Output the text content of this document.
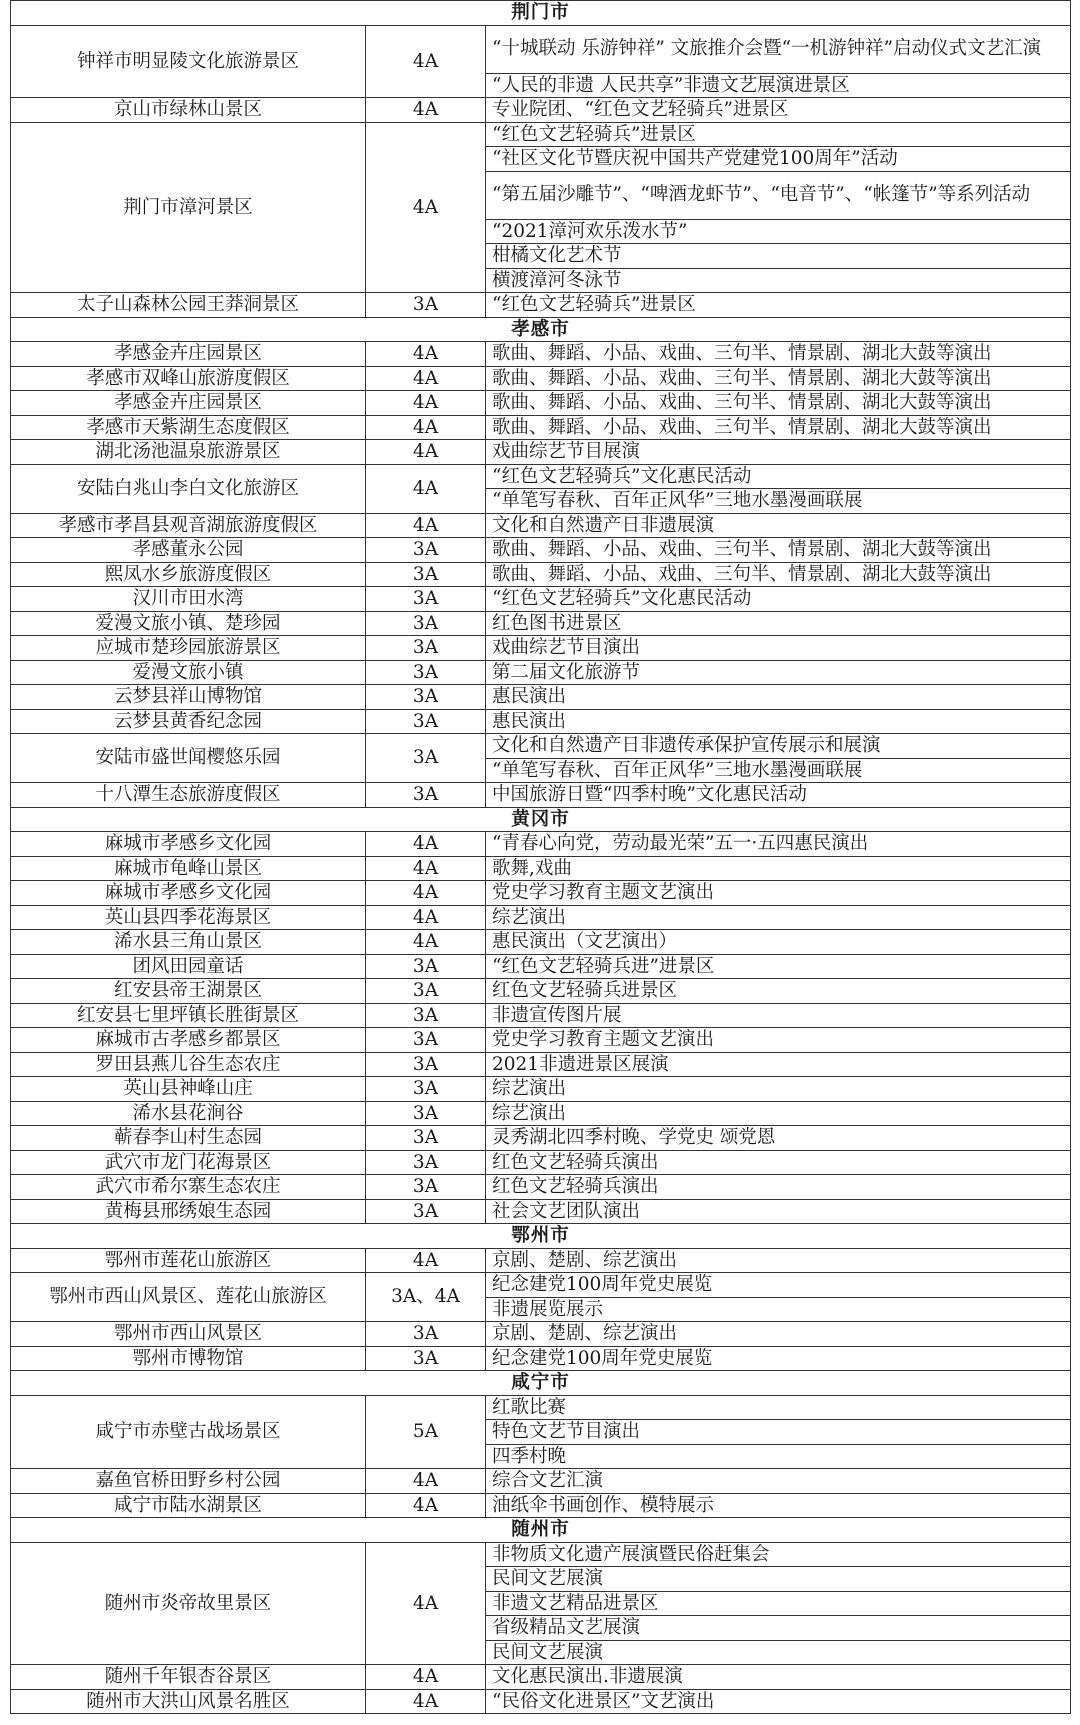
荆门市		
钟祥市明显陵文化旅游景区	4A	“十城联动 乐游钟祥” 文旅推介会暨“一机游钟祥”启动仪式文艺汇演
		“人民的非遗 人民共享”非遗文艺展演进景区
京山市绿林山景区	4A	专业院团、“红色文艺轻骑兵”进景区
荆门市漳河景区	4A	“红色文艺轻骑兵”进景区
		“社区文化节暨庆祝中国共产党建党100周年”活动
		“第五届沙雕节”、“啤酒龙虾节”、“电音节”、“帐篷节”等系列活动
		“2021漳河欢乐泼水节”
		柑橘文化艺术节
		横渡漳河冬泳节
太子山森林公园王莽洞景区	3A	“红色文艺轻骑兵”进景区
孝感市		
孝感金卉庄园景区	4A	歌曲、舞蹈、小品、戏曲、三句半、情景剧、湖北大鼓等演出
孝感市双峰山旅游度假区	4A	歌曲、舞蹈、小品、戏曲、三句半、情景剧、湖北大鼓等演出
孝感金卉庄园景区	4A	歌曲、舞蹈、小品、戏曲、三句半、情景剧、湖北大鼓等演出
孝感市天紫湖生态度假区	4A	歌曲、舞蹈、小品、戏曲、三句半、情景剧、湖北大鼓等演出
湖北汤池温泉旅游景区	4A	戏曲综艺节目展演
安陆白兆山李白文化旅游区	4A	“红色文艺轻骑兵”文化惠民活动
		“单笔写春秋、百年正风华”三地水墨漫画联展
孝感市孝昌县观音湖旅游度假区	4A	文化和自然遗产日非遗展演
孝感董永公园	3A	歌曲、舞蹈、小品、戏曲、三句半、情景剧、湖北大鼓等演出
熙凤水乡旅游度假区	3A	歌曲、舞蹈、小品、戏曲、三句半、情景剧、湖北大鼓等演出
汉川市田水湾	3A	“红色文艺轻骑兵”文化惠民活动
爱漫文旅小镇、楚珍园	3A	红色图书进景区
应城市楚珍园旅游景区	3A	戏曲综艺节目演出
爱漫文旅小镇	3A	第二届文化旅游节
云梦县祥山博物馆	3A	惠民演出
云梦县黄香纪念园	3A	惠民演出
安陆市盛世闻樱悠乐园	3A	文化和自然遗产日非遗传承保护宣传展示和展演
		“单笔写春秋、百年正风华”三地水墨漫画联展
十八潭生态旅游度假区	3A	中国旅游日暨“四季村晚”文化惠民活动
黄冈市		
麻城市孝感乡文化园	4A	“青春心向党，劳动最光荣”五一·五四惠民演出
麻城市龟峰山景区	4A	歌舞,戏曲
麻城市孝感乡文化园	4A	党史学习教育主题文艺演出
英山县四季花海景区	4A	综艺演出
浠水县三角山景区	4A	惠民演出（文艺演出）
团风田园童话	3A	“红色文艺轻骑兵进”进景区
红安县帝王湖景区	3A	红色文艺轻骑兵进景区
红安县七里坪镇长胜街景区	3A	非遗宣传图片展
麻城市古孝感乡都景区	3A	党史学习教育主题文艺演出
罗田县燕儿谷生态农庄	3A	2021非遗进景区展演
英山县神峰山庄	3A	综艺演出
浠水县花涧谷	3A	综艺演出
蕲春李山村生态园	3A	灵秀湖北四季村晚、学党史 颂党恩
武穴市龙门花海景区	3A	红色文艺轻骑兵演出
武穴市希尔寨生态农庄	3A	红色文艺轻骑兵演出
黄梅县邢绣娘生态园	3A	社会文艺团队演出
鄂州市		
鄂州市莲花山旅游区	4A	京剧、楚剧、综艺演出
鄂州市西山风景区、莲花山旅游区	3A、4A	纪念建党100周年党史展览
		非遗展览展示
鄂州市西山风景区	3A	京剧、楚剧、综艺演出
鄂州市博物馆	3A	纪念建党100周年党史展览
咸宁市		
咸宁市赤壁古战场景区	5A	红歌比赛
		特色文艺节目演出
		四季村晚
嘉鱼官桥田野乡村公园	4A	综合文艺汇演
咸宁市陆水湖景区	4A	油纸伞书画创作、模特展示
随州市		
随州市炎帝故里景区	4A	非物质文化遗产展演暨民俗赶集会
		民间文艺展演
		非遗文艺精品进景区
		省级精品文艺展演
		民间文艺展演
随州千年银杏谷景区	4A	文化惠民演出.非遗展演
随州市大洪山风景名胜区	4A	“民俗文化进景区”文艺演出
